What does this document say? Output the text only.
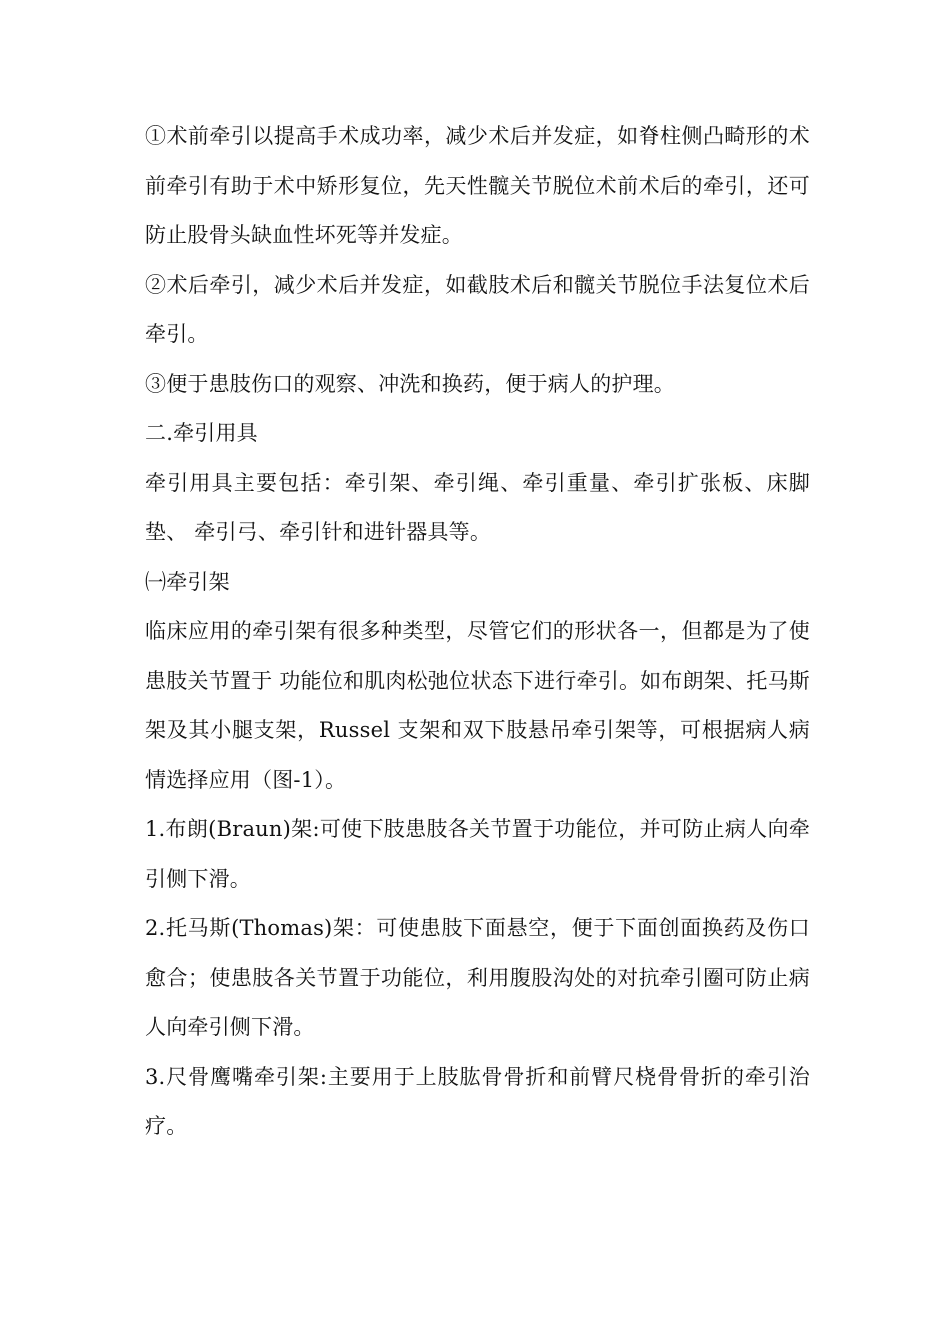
①术前牵引以提高手术成功率，减少术后并发症，如脊柱侧凸畸形的术前牵引有助于术中矫形复位，先天性髋关节脱位术前术后的牵引，还可防止股骨头缺血性坏死等并发症。

②术后牵引，减少术后并发症，如截肢术后和髋关节脱位手法复位术后牵引。

③便于患肢伤口的观察、冲洗和换药，便于病人的护理。

二.牵引用具

牵引用具主要包括：牵引架、牵引绳、牵引重量、牵引扩张板、床脚垫、 牵引弓、牵引针和进针器具等。

㈠牵引架

临床应用的牵引架有很多种类型，尽管它们的形状各一，但都是为了使患肢关节置于 功能位和肌肉松弛位状态下进行牵引。如布朗架、托马斯架及其小腿支架，Russel 支架和双下肢悬吊牵引架等，可根据病人病情选择应用（图-1）。

1.布朗(Braun)架:可使下肢患肢各关节置于功能位，并可防止病人向牵引侧下滑。

2.托马斯(Thomas)架：可使患肢下面悬空，便于下面创面换药及伤口愈合；使患肢各关节置于功能位，利用腹股沟处的对抗牵引圈可防止病人向牵引侧下滑。

3.尺骨鹰嘴牵引架:主要用于上肢肱骨骨折和前臂尺桡骨骨折的牵引治疗。
